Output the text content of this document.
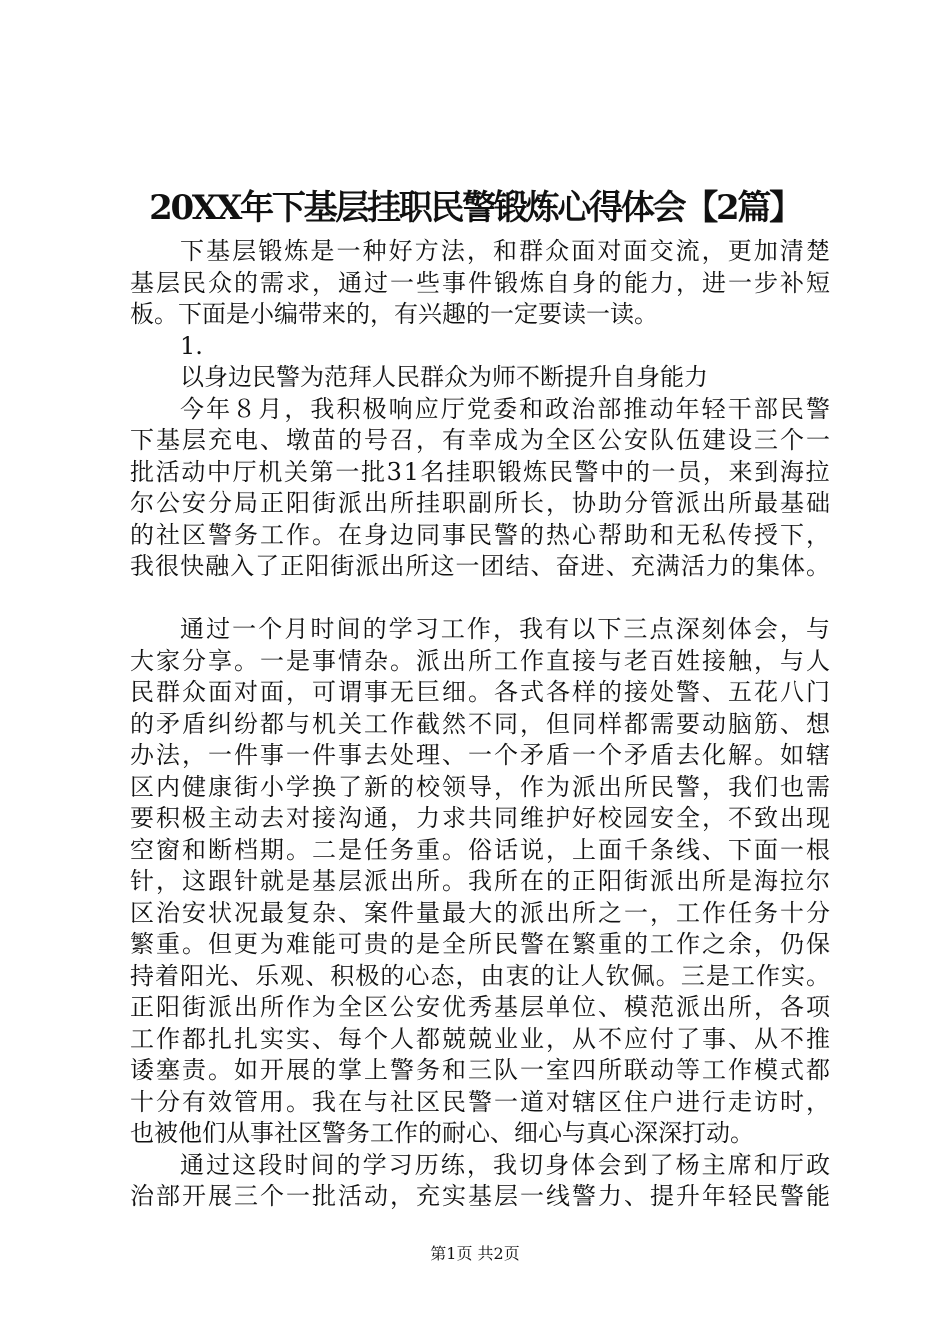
20XX年下基层挂职民警锻炼心得体会【2篇】
下基层锻炼是一种好方法，和群众面对面交流，更加清楚
基层民众的需求，通过一些事件锻炼自身的能力，进一步补短
板。下面是小编带来的，有兴趣的一定要读一读。
1.
以身边民警为范拜人民群众为师不断提升自身能力
今年８月，我积极响应厅党委和政治部推动年轻干部民警
下基层充电、墩苗的号召，有幸成为全区公安队伍建设三个一
批活动中厅机关第一批31名挂职锻炼民警中的一员，来到海拉
尔公安分局正阳街派出所挂职副所长，协助分管派出所最基础
的社区警务工作。在身边同事民警的热心帮助和无私传授下，
我很快融入了正阳街派出所这一团结、奋进、充满活力的集体。
通过一个月时间的学习工作，我有以下三点深刻体会，与
大家分享。一是事情杂。派出所工作直接与老百姓接触，与人
民群众面对面，可谓事无巨细。各式各样的接处警、五花八门
的矛盾纠纷都与机关工作截然不同，但同样都需要动脑筋、想
办法，一件事一件事去处理、一个矛盾一个矛盾去化解。如辖
区内健康街小学换了新的校领导，作为派出所民警，我们也需
要积极主动去对接沟通，力求共同维护好校园安全，不致出现
空窗和断档期。二是任务重。俗话说，上面千条线、下面一根
针，这跟针就是基层派出所。我所在的正阳街派出所是海拉尔
区治安状况最复杂、案件量最大的派出所之一，工作任务十分
繁重。但更为难能可贵的是全所民警在繁重的工作之余，仍保
持着阳光、乐观、积极的心态，由衷的让人钦佩。三是工作实。
正阳街派出所作为全区公安优秀基层单位、模范派出所，各项
工作都扎扎实实、每个人都兢兢业业，从不应付了事、从不推
诿塞责。如开展的掌上警务和三队一室四所联动等工作模式都
十分有效管用。我在与社区民警一道对辖区住户进行走访时，
也被他们从事社区警务工作的耐心、细心与真心深深打动。
通过这段时间的学习历练，我切身体会到了杨主席和厅政
治部开展三个一批活动，充实基层一线警力、提升年轻民警能
第1页 共2页
